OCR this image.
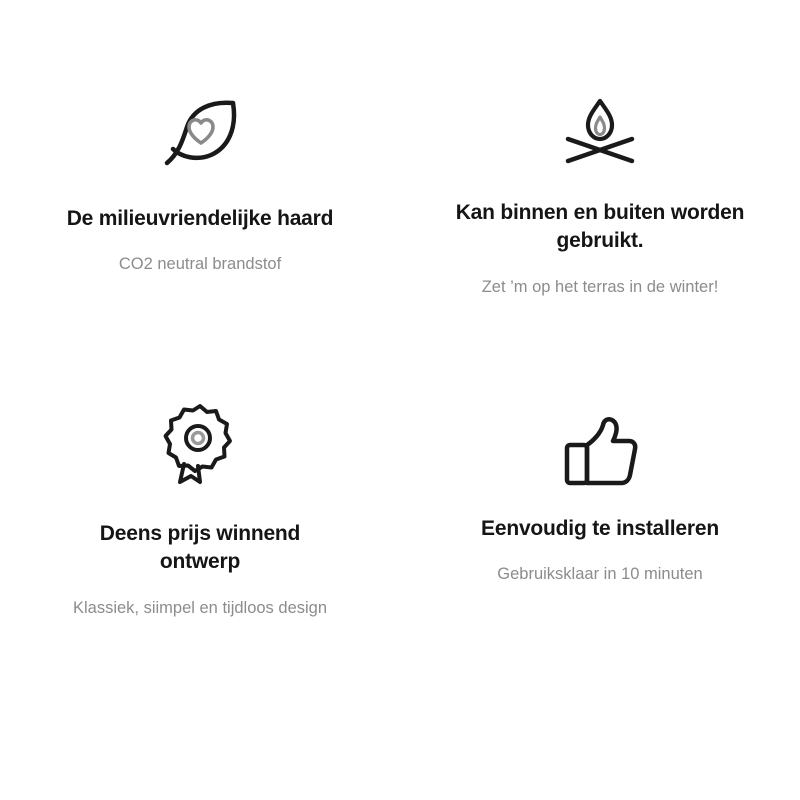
De milieuvriendelijke haard
CO2 neutral brandstof
Kan binnen en buiten worden gebruikt.
Zet ’m op het terras in de winter!
Deens prijs winnend ontwerp
Klassiek, siimpel en tijdloos design
Eenvoudig te installeren
Gebruiksklaar in 10 minuten
